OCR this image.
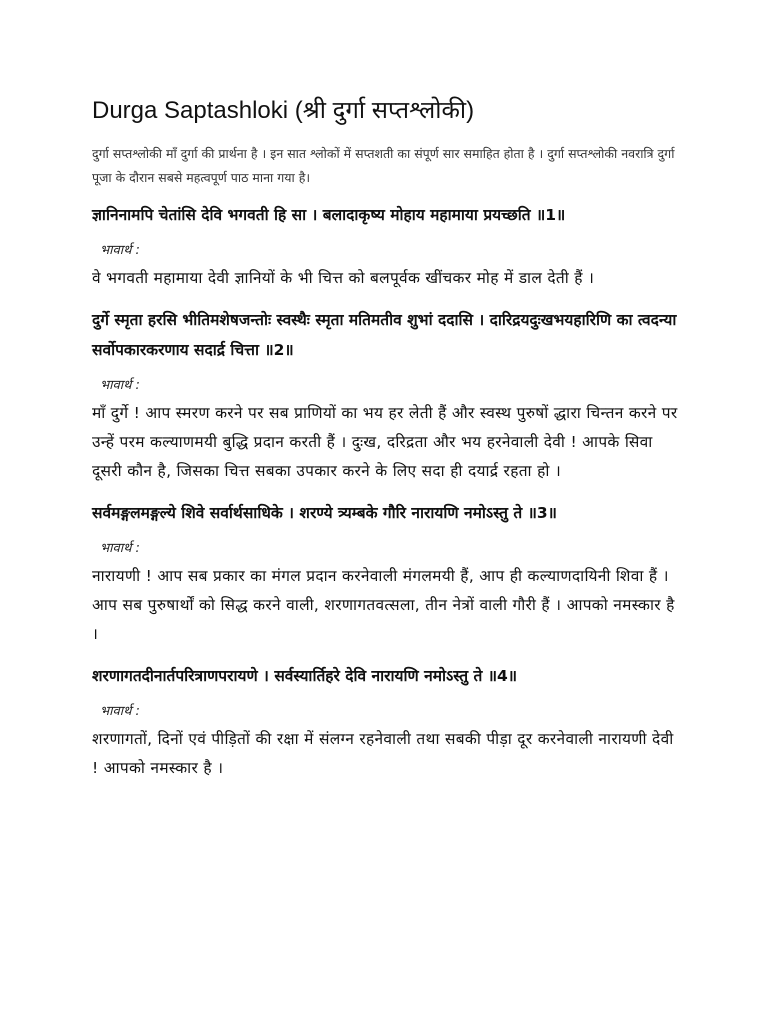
Durga Saptashloki (श्री दुर्गा सप्तश्लोकी)

दुर्गा सप्तश्लोकी माँ दुर्गा की प्रार्थना है । इन सात श्लोकों में सप्तशती का संपूर्ण सार समाहित होता है । दुर्गा सप्तश्लोकी नवरात्रि दुर्गा पूजा के दौरान सबसे महत्वपूर्ण पाठ माना गया है।

ज्ञानिनामपि चेतांसि देवि भगवती हि सा । बलादाकृष्य मोहाय महामाया प्रयच्छति ॥1॥

भावार्थ :

वे भगवती महामाया देवी ज्ञानियों के भी चित्त को बलपूर्वक खींचकर मोह में डाल देती हैं ।

दुर्गे स्मृता हरसि भीतिमशेषजन्तोः स्वस्थैः स्मृता मतिमतीव शुभां ददासि । दारिद्रयदुःखभयहारिणि का त्वदन्या सर्वोपकारकरणाय सदार्द्र चित्ता ॥2॥

भावार्थ :

माँ दुर्गे ! आप स्मरण करने पर सब प्राणियों का भय हर लेती हैं और स्वस्थ पुरुषों द्धारा चिन्तन करने पर उन्हें परम कल्याणमयी बुद्धि प्रदान करती हैं । दुःख, दरिद्रता और भय हरनेवाली देवी ! आपके सिवा दूसरी कौन है, जिसका चित्त सबका उपकार करने के लिए सदा ही दयार्द्र रहता हो ।

सर्वमङ्गलमङ्गल्ये शिवे सर्वार्थसाधिके । शरण्ये त्र्यम्बके गौरि नारायणि नमोऽस्तु ते ॥3॥

भावार्थ :

नारायणी ! आप सब प्रकार का मंगल प्रदान करनेवाली मंगलमयी हैं, आप ही कल्याणदायिनी शिवा हैं । आप सब पुरुषार्थों को सिद्ध करने वाली, शरणागतवत्सला, तीन नेत्रों वाली गौरी हैं । आपको नमस्कार है ।

शरणागतदीनार्तपरित्राणपरायणे । सर्वस्यार्तिहरे देवि नारायणि नमोऽस्तु ते ॥4॥

भावार्थ :

शरणागतों, दिनों एवं पीड़ितों की रक्षा में संलग्न रहनेवाली तथा सबकी पीड़ा दूर करनेवाली नारायणी देवी ! आपको नमस्कार है ।
